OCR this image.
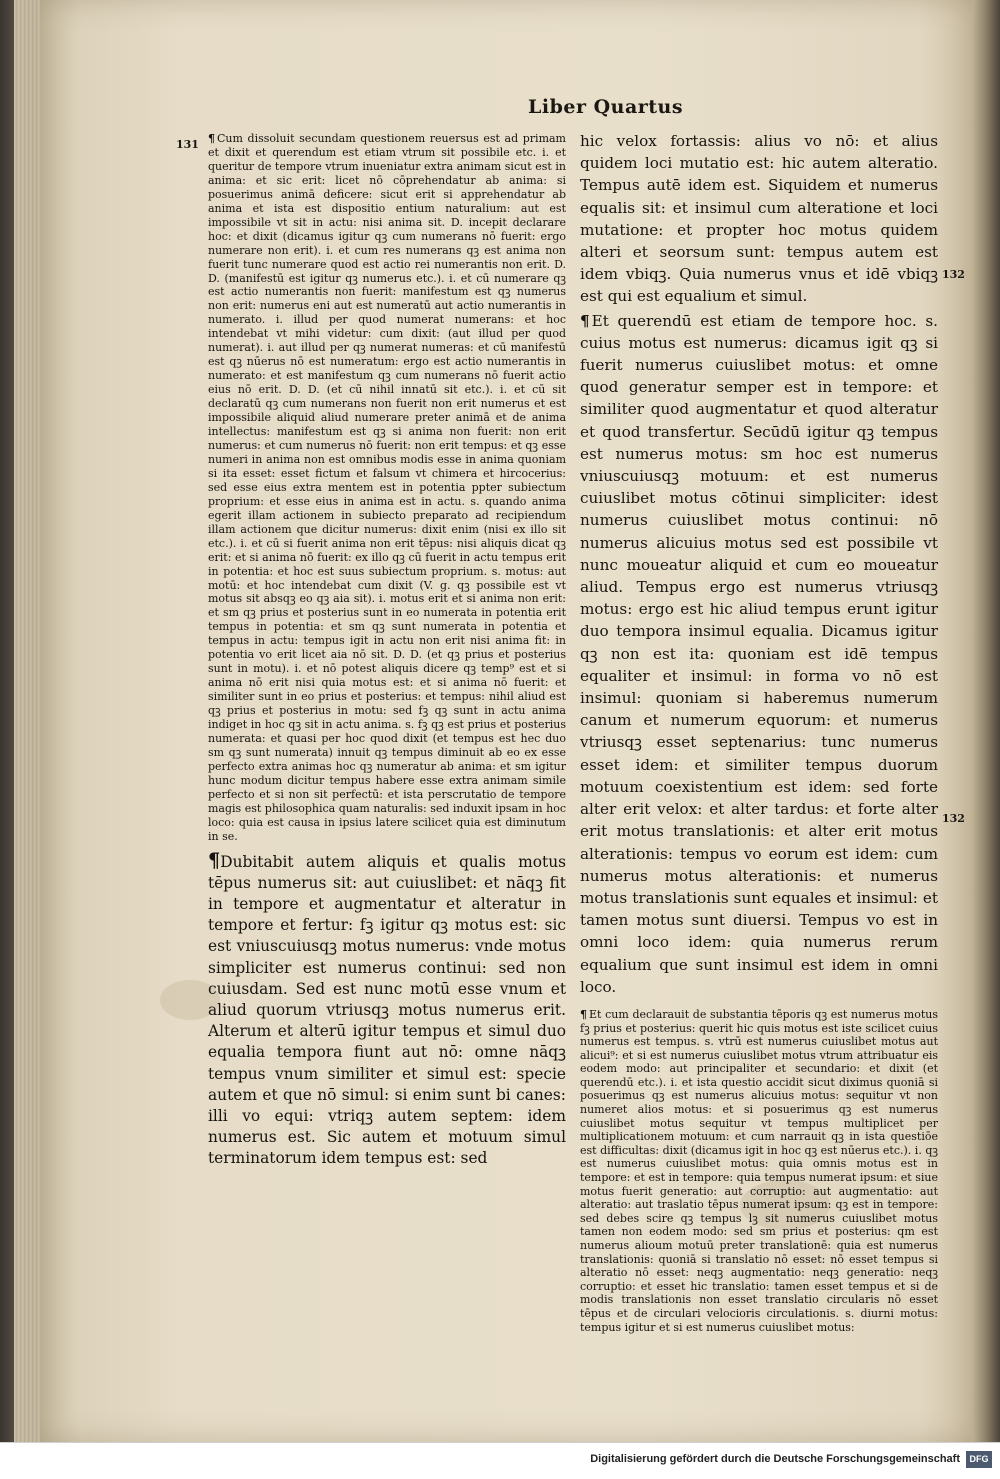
Liber Quartus
131
132
132

¶ Cum dissoluit secundam questionem reuersus est ad primam et dixit et querendum est etiam vtrum sit possibile etc. i. et queritur de tempore vtrum inueniatur extra animam sicut est in anima: et sic erit: licet nō cōprehendatur ab anima: si posuerimus animā deficere: sicut erit si apprehendatur ab anima et ista est dispositio entium naturalium: aut est impossibile vt sit in actu: nisi anima sit. D. incepit declarare hoc: et dixit (dicamus igitur qꝫ cum numerans nō fuerit: ergo numerare non erit). i. et cum res numerans qꝫ est anima non fuerit tunc numerare quod est actio rei numerantis non erit. D. D. (manifestū est igitur qꝫ numerus etc.). i. et cū numerare qꝫ est actio numerantis non fuerit: manifestum est qꝫ numerus non erit: numerus eni aut est numeratū aut actio numerantis in numerato. i. illud per quod numerat numerans: et hoc intendebat vt mihi videtur: cum dixit: (aut illud per quod numerat). i. aut illud per qꝫ numerat numeras: et cū manifestū est qꝫ nūerus nō est numeratum: ergo est actio numerantis in numerato: et est manifestum qꝫ cum numerans nō fuerit actio eius nō erit. D. D. (et cū nihil innatū sit etc.). i. et cū sit declaratū qꝫ cum numerans non fuerit non erit numerus et est impossibile aliquid aliud numerare preter animā et de anima intellectus: manifestum est qꝫ si anima non fuerit: non erit numerus: et cum numerus nō fuerit: non erit tempus: et qꝫ esse numeri in anima non est omnibus modis esse in anima quoniam si ita esset: esset fictum et falsum vt chimera et hircocerius: sed esse eius extra mentem est in potentia ppter subiectum proprium: et esse eius in anima est in actu. s. quando anima egerit illam actionem in subiecto preparato ad recipiendum illam actionem que dicitur numerus: dixit enim (nisi ex illo sit etc.). i. et cū si fuerit anima non erit tēpus: nisi aliquis dicat qꝫ erit: et si anima nō fuerit: ex illo qꝫ cū fuerit in actu tempus erit in potentia: et hoc est suus subiectum proprium. s. motus: aut motū: et hoc intendebat cum dixit (V. g. qꝫ possibile est vt motus sit absqꝫ eo qꝫ aia sit). i. motus erit et si anima non erit: et sm qꝫ prius et posterius sunt in eo numerata in potentia erit tempus in potentia: et sm qꝫ sunt numerata in potentia et tempus in actu: tempus igit in actu non erit nisi anima fit: in potentia vo erit licet aia nō sit. D. D. (et qꝫ prius et posterius sunt in motu). i. et nō potest aliquis dicere qꝫ temp⁹ est et si anima nō erit nisi quia motus est: et si anima nō fuerit: et similiter sunt in eo prius et posterius: et tempus: nihil aliud est qꝫ prius et posterius in motu: sed fꝫ qꝫ sunt in actu anima indiget in hoc qꝫ sit in actu anima. s. fꝫ qꝫ est prius et posterius numerata: et quasi per hoc quod dixit (et tempus est hec duo sm qꝫ sunt numerata) innuit qꝫ tempus diminuit ab eo ex esse perfecto extra animas hoc qꝫ numeratur ab anima: et sm igitur hunc modum dicitur tempus habere esse extra animam simile perfecto et si non sit perfectū: et ista perscrutatio de tempore magis est philosophica quam naturalis: sed induxit ipsam in hoc loco: quia est causa in ipsius latere scilicet quia est diminutum in se.

¶Dubitabit autem aliquis et qualis motus tēpus numerus sit: aut cuiuslibet: et nāqꝫ fit in tempore et augmentatur et alteratur in tempore et fertur: fꝫ igitur qꝫ motus est: sic est vniuscuiusqꝫ motus numerus: vnde motus simpliciter est numerus continui: sed non cuiusdam. Sed est nunc motū esse vnum et aliud quorum vtriusqꝫ motus numerus erit. Alterum et alterū igitur tempus et simul duo equalia tempora fiunt aut nō: omne nāqꝫ tempus vnum similiter et simul est: specie autem et que nō simul: si enim sunt bi canes: illi vo equi: vtriqꝫ autem septem: idem numerus est. Sic autem et motuum simul terminatorum idem tempus est: sed

hic velox fortassis: alius vo nō: et alius quidem loci mutatio est: hic autem alteratio. Tempus autē idem est. Siquidem et numerus equalis sit: et insimul cum alteratione et loci mutatione: et propter hoc motus quidem alteri et seorsum sunt: tempus autem est idem vbiqꝫ. Quia numerus vnus et idē vbiqꝫ est qui est equalium et simul.

¶ Et querendū est etiam de tempore hoc. s. cuius motus est numerus: dicamus igit qꝫ si fuerit numerus cuiuslibet motus: et omne quod generatur semper est in tempore: et similiter quod augmentatur et quod alteratur et quod transfertur. Secūdū igitur qꝫ tempus est numerus motus: sm hoc est numerus vniuscuiusqꝫ motuum: et est numerus cuiuslibet motus cōtinui simpliciter: idest numerus cuiuslibet motus continui: nō numerus alicuius motus sed est possibile vt nunc moueatur aliquid et cum eo moueatur aliud. Tempus ergo est numerus vtriusqꝫ motus: ergo est hic aliud tempus erunt igitur duo tempora insimul equalia. Dicamus igitur qꝫ non est ita: quoniam est idē tempus equaliter et insimul: in forma vo nō est insimul: quoniam si haberemus numerum canum et numerum equorum: et numerus vtriusqꝫ esset septenarius: tunc numerus esset idem: et similiter tempus duorum motuum coexistentium est idem: sed forte alter erit velox: et alter tardus: et forte alter erit motus translationis: et alter erit motus alterationis: tempus vo eorum est idem: cum numerus motus alterationis: et numerus motus translationis sunt equales et insimul: et tamen motus sunt diuersi. Tempus vo est in omni loco idem: quia numerus rerum equalium que sunt insimul est idem in omni loco.

¶ Et cum declarauit de substantia tēporis qꝫ est numerus motus fꝫ prius et posterius: querit hic quis motus est iste scilicet cuius numerus est tempus. s. vtrū est numerus cuiuslibet motus aut alicui⁹: et si est numerus cuiuslibet motus vtrum attribuatur eis eodem modo: aut principaliter et secundario: et dixit (et querendū etc.). i. et ista questio accidit sicut diximus quoniā si posuerimus qꝫ est numerus alicuius motus: sequitur vt non numeret alios motus: et si posuerimus qꝫ est numerus cuiuslibet motus sequitur vt tempus multiplicet per multiplicationem motuum: et cum narrauit qꝫ in ista questiōe est difficultas: dixit (dicamus igit in hoc qꝫ est nūerus etc.). i. qꝫ est numerus cuiuslibet motus: quia omnis motus est in tempore: et est in tempore: quia tempus numerat ipsum: et siue motus fuerit generatio: aut corruptio: aut augmentatio: aut alteratio: aut traslatio tēpus numerat ipsum: qꝫ est in tempore: sed debes scire qꝫ tempus lꝫ sit numerus cuiuslibet motus tamen non eodem modo: sed sm prius et posterius: qm est numerus alioum motuū preter translationē: quia est numerus translationis: quoniā si translatio nō esset: nō esset tempus si alteratio nō esset: neqꝫ augmentatio: neqꝫ generatio: neqꝫ corruptio: et esset hic translatio: tamen esset tempus et si de modis translationis non esset translatio circularis nō esset tēpus et de circulari velocioris circulationis. s. diurni motus: tempus igitur et si est numerus cuiuslibet motus:

Digitalisierung gefördert durch die Deutsche Forschungsgemeinschaft	DFG
